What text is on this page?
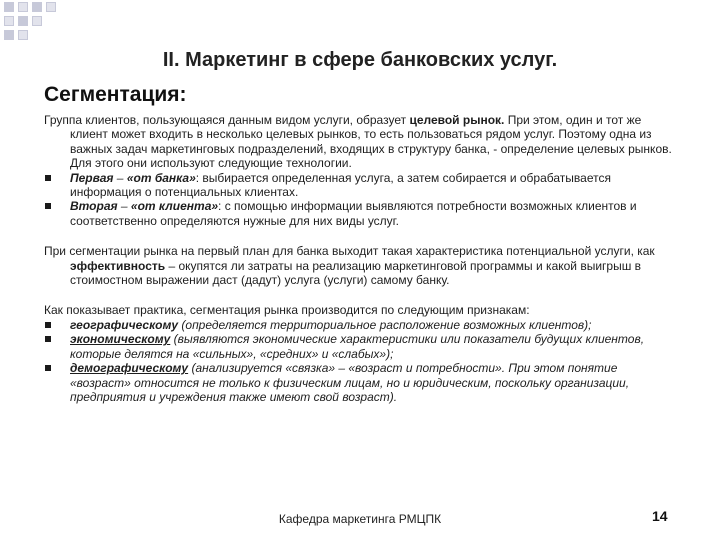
II. Маркетинг в сфере банковских услуг.
Сегментация:

Группа клиентов, пользующаяся данным видом услуги, образует целевой рынок. При этом, один и тот же клиент может входить в несколько целевых рынков, то есть пользоваться рядом услуг. Поэтому одна из важных задач маркетинговых подразделений, входящих в структуру банка, - определение целевых рынков. Для этого они используют следующие технологии.

Первая – «от банка»: выбирается определенная услуга, а затем собирается и обрабатывается информация о потенциальных клиентах.
Вторая – «от клиента»: с помощью информации выявляются потребности возможных клиентов и соответственно определяются нужные для них виды услуг.

При сегментации рынка на первый план для банка выходит такая характеристика потенциальной услуги, как эффективность – окупятся ли затраты на реализацию маркетинговой программы и какой выигрыш в стоимостном выражении даст (дадут) услуга (услуги) самому банку.

Как показывает практика, сегментация рынка производится по следующим признакам:

географическому (определяется территориальное расположение возможных клиентов);
экономическому (выявляются экономические характеристики или показатели будущих клиентов, которые делятся на «сильных», «средних» и «слабых»);
демографическому (анализируется «связка» – «возраст и потребности». При этом понятие «возраст» относится не только к физическим лицам, но и юридическим, поскольку организации, предприятия и учреждения также имеют свой возраст).
Кафедра маркетинга РМЦПК	14
